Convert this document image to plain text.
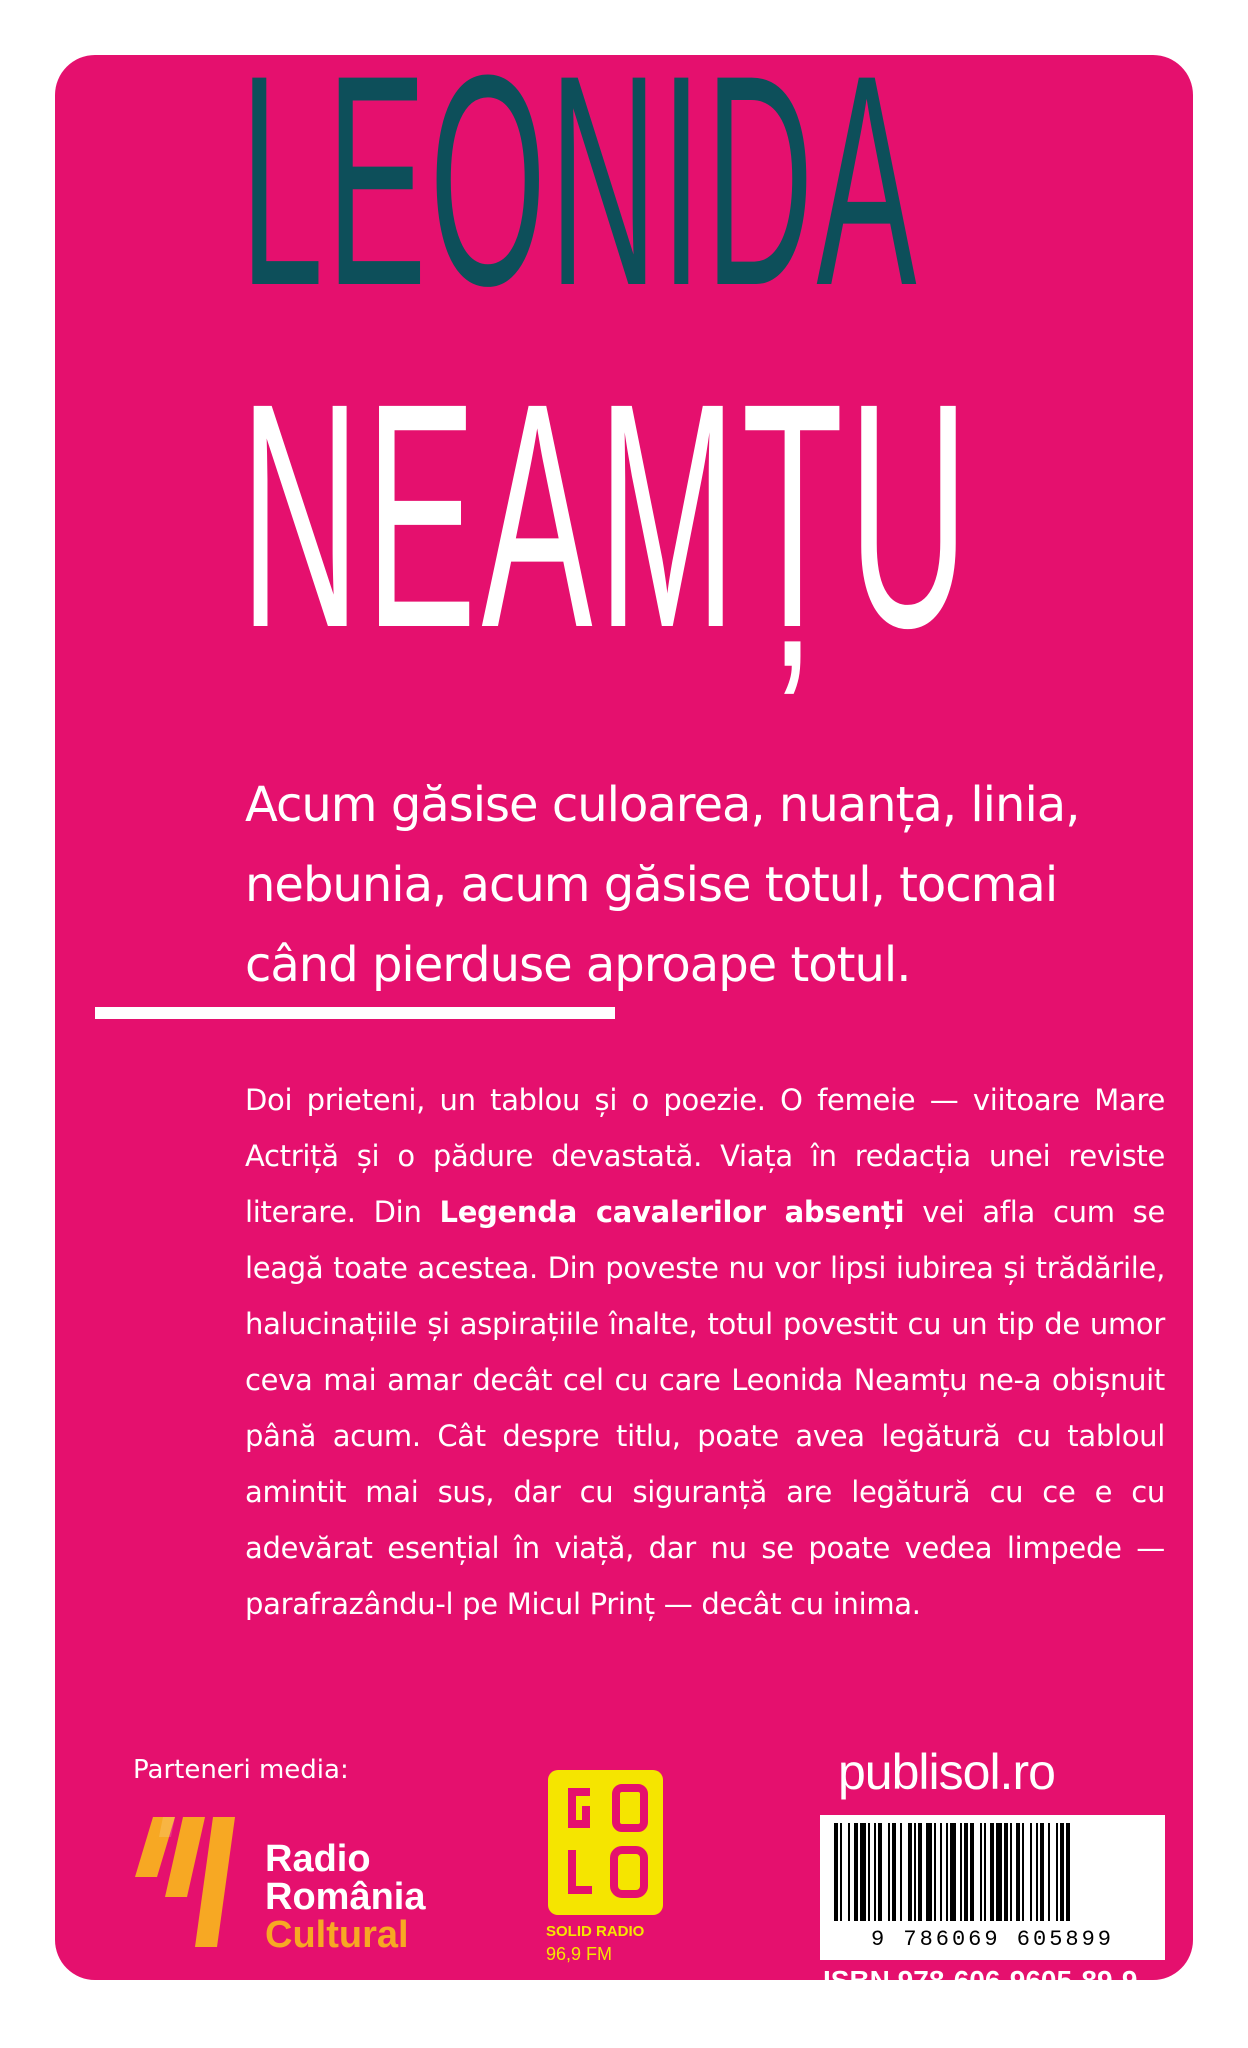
LEONIDA
NEAMȚU

Acum găsise culoarea, nuanța, linia, nebunia, acum găsise totul, tocmai când pierduse aproape totul.

Doi prieteni, un tablou și o poezie. O femeie — viitoare Mare Actriță și o pădure devastată. Viața în redacția unei reviste literare. Din Legenda cavalerilor absenți vei afla cum se leagă toate acestea. Din poveste nu vor lipsi iubirea și trădările, halucinațiile și aspirațiile înalte, totul povestit cu un tip de umor ceva mai amar decât cel cu care Leonida Neamțu ne-a obișnuit până acum. Cât despre titlu, poate avea legătură cu tabloul amintit mai sus, dar cu siguranță are legătură cu ce e cu adevărat esențial în viață, dar nu se poate vedea limpede — parafrazându-l pe Micul Prinț — decât cu inima.

Parteneri media:
Radio
România
Cultural	SOLID RADIO
96,9 FM
publisol.ro
9 786069 605899
ISBN 978-606-9605-89-9
